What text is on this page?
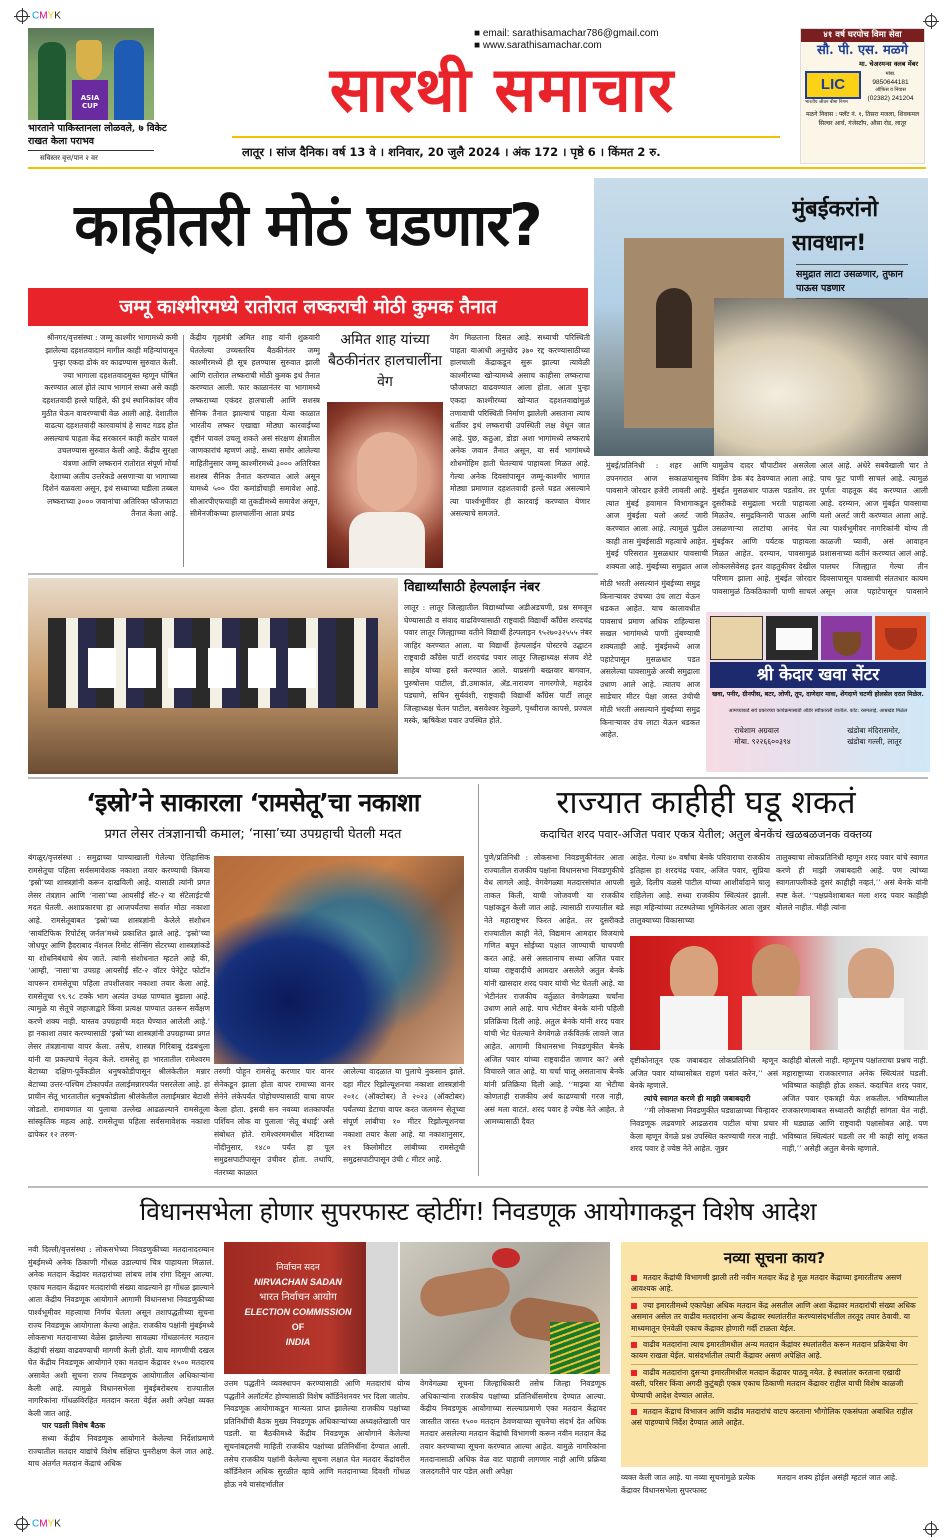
CMYK
ASIA CUP
भारताने पाकिस्तानला लोळवले, ७ विकेट राखत केला पराभव
सविस्तर वृत्त/पान २ वर
■ email: sarathisamachar786@gmail.com
■ www.sarathisamachar.com
सारथी समाचार
लातूर । सांज दैनिक। वर्ष 13 वे । शनिवार, 20 जुलै 2024 । अंक 172 । पृष्ठे 6 । किंमत 2 रु.
४१ वर्ष घरपोच विमा सेवा
सौ. पी. एस. मळगे
मा. चेअरमन्स क्लब मेंबर
LIC
भारतीय जीवन बीमा निगम
मोबा.
9850644181
ऑफिस व निवास
(02382) 241204
मळगे निवास : फ्लॅट नं. १, तिसरा मजला, शिवकमल सिल्वर आर्च, गंजेस्टॉप, औसा रोड, लातूर
काहीतरी मोठं घडणार?
जम्मू काश्मीरमध्ये रातोरात लष्कराची मोठी कुमक तैनात
श्रीनगर/वृत्तसंस्था : जम्मू काश्मीर भागामध्ये कमी झालेल्या दहशतवादानं मागील काही महिन्यांपासून पुन्हा एकदा डोकं वर काढण्यास सुरुवात केली. ज्या भागाला दहशतवादमुक्त म्हणून घोषित करण्यात आलं होतं त्याच भागानं सध्या असे काही दहशतवादी हल्ले पाहिले, की इथं स्थानिकांवर जीव मुठीत घेऊन वावरण्याची वेळ आली आहे. देशातील वाढत्या दहशतवादी कारवायांचं हे सावट गडद होत असल्याचं पाहता केंद्र सरकारनं काही कठोर पावलं उचलण्यास सुरुवात केली आहे. केंद्रीय सुरक्षा यंत्रणा आणि लष्करानं रातोरात संपूर्ण मोर्चा देशाच्या अतीय उत्तरेकडे असणाऱ्या या भागाच्या दिशेनं वळवला असून, इथं सध्याच्या घडीला तब्बल लष्कराच्या ३००० जवानांचा अतिरिक्त फौजफाटा तैनात केला आहे.
केंद्रीय गृहमंत्री अमित शाह यांनी शुक्रवारी घेतलेल्या उच्चस्तरिय बैठकीनंतर जम्मू काश्मीरमध्ये ही सूत्र हलण्यास सुरुवात झाली आणि रातोरात लष्कराची मोठी कुमक इथं तैनात करण्यात आली. फार काळानंतर या भागामध्ये लष्कराच्या एकंदर हालचाली आणि सशस्त्र सैनिक तैनात झाल्याचं पाहता येत्या काळात भारतीय लष्कर एखाद्या मोठ्या कारवाईच्या दृष्टीनं पावलं उचलू शकते असं संरक्षण क्षेत्रातील जाणकारांचं म्हणणं आहे. सध्या समोर आलेल्या माहितीनुसार जम्मू काश्मीरमध्ये ३००० अतिरिक्त सशस्त्र सैनिक तैनात करण्यात आले असून यामध्ये ५०० पॅरा कमांडोंचाही समावेश आहे. सीआरपीएफचाही या तुकडीमध्ये समावेश असून, सीमेनजीकच्या हालचालींना आता प्रचंड
अमित शाह यांच्या बैठकीनंतर हालचालींना वेग
वेग मिळताना दिसत आहे. सध्याची परिस्थिती पाहता याआधी अनुच्छेद ३७० रद्द करण्यासाठीच्या हालचाली केंद्राकडून सुरू झाल्या त्यावेळी काश्मीरच्या खोऱ्यामध्ये असाच काहीसा लष्कराचा फौजफाटा वाढवण्यात आला होता. आता पुन्हा एकदा काश्मीरच्या खोऱ्यात दहशतवाद्यांमुळं तणावाची परिस्थिती निर्माण झालेली असताना त्याच धर्तीवर इथं लष्कराची उपस्थिती लक्ष वेधून जात आहे. पुंछ, कठुआ, डोडा अशा भागांमध्ये लष्कराचे अनेक जवान तैनात असून, या सर्व भागांमध्ये शोधमोहिम हाती घेतल्याचं पाहायला मिळत आहे. गेल्या अनेक दिवसांपासून जम्मू-काश्मीर भागात मोठ्या प्रमाणात दहशतवादी हल्ले घडत असल्याने त्या पार्श्वभूमीवर ही कारवाई करण्यात येणार असल्याचे समजते.
मुंबईकरांनो सावधान!
समुद्रात लाटा उसळणार, तुफान पाऊस पडणार
मुंबई/प्रतिनिधी : शहर आणि उपनगरात आज सकाळपासूनच पावसाने जोरदार हजेरी लावली आहे. त्यात मुंबई हवामान विभागाकडून आज मुंबईला यलो अलर्ट जारी करण्यात आला आहे. त्यामुळं पुढील काही तास मुंबईसाठी महत्वाचे आहेत. मुंबई परिसरात मुसळधार पावसाची शक्यता आहे. मुंबईच्या समुद्रात आज
यामुळेच दादर चौपाटीवर असलेला विविंग डेक बंद ठेवण्यात आला आहे. मुंबईत मुसळधार पाऊस पडतोय. तर दुसरीकडे समुद्राला भरती पाहायला मिळतेय. समुद्रकिनारी पाऊस आणि उसळणाऱ्या लाटांचा आनंद घेत मुंबईकर आणि पर्यटक पाहायला मिळत आहेत. दरम्यान, पावसामुळं लोकलसेवेसह इतर वाहतुकीवर देखील परिणाम झाला आहे. मुंबईत जोरदार पावसामुळं ठिकठिकाणी पाणी साचलं
आलं आहे. अंधेरे सबवेखाली चार ते पाच फूट पाणी साचलं आहे. त्यामुळं पूर्णतः वाहतूक बंद करण्यात आली आहे. दरम्यान, आज मुंबईत पावसाचा यलो अलर्ट जारी करण्यात आला आहे. त्या पार्श्वभूमीवर नागरिकांनी योग्य ती काळजी घ्यावी, असं आवाहन प्रशासनाच्या वतीनं करण्यात आलं आहे. पालघर जिल्ह्यात गेल्या तीन दिवसापासून पावसाची संततधार कायम असून आज पहाटेपासून पावसाने
मोठी भरती असल्यानं मुंबईच्या समुद्र किनाऱ्यावर उंचच्या उंच लाटा येऊन धडकत आहेत. याच कालावधीत पावसाचं प्रमाण अधिक राहिल्यास सखल भागांमध्ये पाणी तुंबण्याची शक्यताही आहे. मुंबईमध्ये आज पहाटेपासून मुसळधार पडत असलेल्या पावसामुळे अरबी समुद्राला उधाण आले आहे. त्यातच आज साडेचार मीटर पेक्षा जास्त उंचीची मोठी भरती असल्याने मुंबईच्या समुद्र किनाऱ्यावर उंच लाटा येऊन धडकत आहेत.
विद्यार्थ्यांसाठी हेल्पलाईन नंबर
लातूर : लातूर जिल्ह्यातील विद्यार्थ्यांच्या अडीअडचणी, प्रश्न समजून घेण्यासाठी व संवाद वाढविण्यासाठी राष्ट्रवादी विद्यार्थी कॉंग्रेस शरदचंद्र पवार लातूर जिल्ह्याच्या वतीने विद्यार्थी हेल्पलाइन ९५२७०३२५५५ नंबर जाहिर करण्यात आला. या विद्यार्थी हेल्पलाईन पोस्टरचे उद्घाटन राष्ट्रवादी कॉंग्रेस पार्टी शरदचंद्र पवार लातूर जिल्हाध्यक्ष संजय शेटे साहेब यांच्या हस्ते करण्यात आले. याप्रसंगी बख्तवार बागवान, पुरुषोत्तम पाटील, डी.उमाकांत, ॲड.नारायण नागरगोजे, महादेव पडघाणे, सचिन सुर्यवंशी, राष्ट्रवादी विद्यार्थी कॉंग्रेस पार्टी लातूर जिल्हाध्यक्ष चेतन पाटील, बसवेश्वर रेकुळगे, पृथ्वीराज कापसे, प्रज्वल मस्के, ऋषिकेश पवार उपस्थित होते.
श्री केदार खवा सेंटर
खवा, पनीर, ग्रीनपीस, बटर, लोणी, तूप, दाणेदार मावा, शेंगदाणे चटणी होलसेल दरात मिळेल.
आमच्याकडे सर्व प्रकारच्या कार्यक्रमासाठी ऑर्डर स्वीकारली जातील. कोट: रसमलाई, आम्रखंड मिळेल
राधेशाम अग्रवाल
मोबा. ९२२६६००३९४
खंडोबा मंदिरासमोर,
खंडोबा गल्ली, लातूर
‘इस्रो’ने साकारला ‘रामसेतू’चा नकाशा
प्रगत लेसर तंत्रज्ञानाची कमाल; ‘नासा’च्या उपग्रहाची घेतली मदत
बंगळूर/वृत्तसंस्था : समुद्राच्या पाण्याखाली गेलेल्या ऐतिहासिक रामसेतूचा पहिला सर्वसमावेशक नकाशा तयार करण्याची किमया ‘इस्रो’च्या शास्त्रज्ञांनी करून दाखविली आहे. यासाठी त्यांनी प्रगत लेसर तंत्रज्ञान आणि ‘नासा’च्या आयसीईं सॅट-२ या सॅटेलाईटची मदत घेतली. अशाप्रकारचा हा आजपर्यंतचा सर्वात मोठा नकाशा आहे. रामसेतूबाबत ‘इस्रो’च्या शास्त्रज्ञांनी केलेले संशोधन ‘सायंटिफिक रिपोर्टस् जर्नल’मध्ये प्रकाशित झाले आहे. ‘इस्रो’च्या जोधपूर आणि हैदराबाद नॅशनल रिमोट सेन्सिंग सेंटरच्या शास्त्रज्ञांकडे या शोधनिबंधाचे श्रेय जाते. त्यांनी संशोधनात म्हटले आहे की, ‘आम्ही, ‘नासा’चा उपग्रह आयसीईं सॅट-२ वॉटर पेनेट्रेट फोटॉन वापरून रामसेतूचा पहिला तपशीलवार नकाशा तयार केला आहे. रामसेतूचा ९९.९८ टक्के भाग अत्यंत उथळ पाण्यात बुडाला आहे. त्यामुळे या सेतूचे जहाजाद्वारे किंवा प्रत्यक्ष पाण्यात उतरून सर्वेक्षण करणे शक्य नाही. यास्तव उपग्रहाची मदत घेण्यात आलेली आहे.’ हा नकाशा तयार करण्यासाठी ‘इस्रो’च्या शास्त्रज्ञांनी उपग्रहाच्या प्रगत लेसर तंत्रज्ञानाचा वापर केला. तसेच, शास्त्रज्ञ गिरिबाबू दंडबथुला यांनी या प्रकल्पाचे नेतृत्व केले. रामसेतू हा भारतातील रामेश्वरम बेटाच्या दक्षिण-पूर्वेकडील धनुषकोडीपासून श्रीलंकेतील मन्नार बेटाच्या उत्तर-पश्चिम टोकापर्यंत तलाईमन्नारपर्यंत पसरलेला आहे. हा प्राचीन सेतू भारतातील धनुषकोडीला श्रीलंकेतील तलाईमन्नार बेटाशी जोडतो. रामायणात या पुलाचा उल्लेख आढळल्याने रामसेतूला सांस्कृतिक महत्व आहे. रामसेतूचा पहिला सर्वसमावेशक नकाशा ढापेकर १२ तरुण-
तरुणी पोहून रामसेतू करणार पार वानर सेनेकडून झाला होता वापर रामाच्या वानर सेनेने लंकेपर्यंत पोहोचण्यासाठी याचा वापर केला होता. इसवी सन नवव्या शतकापर्यंत पर्शियन लोक या पुलाला ‘सेतू बंधाई’ असे संबोधत होते. रामेश्वरममधील मंदिराच्या नोंदीनुसार, १४८० पर्यंत हा पूल समुद्रसपाटीपासून उंचीवर होता. तथापि, नंतरच्या काळात
आलेल्या वादळात या पुलाचे नुकसान झाले. दहा मीटर रिझोल्यूशनचा नकाशा शास्त्रज्ञांनी २०१८ (ऑक्टोबर) ते २०२३ (ऑक्टोबर) पर्यंतच्या डेटाचा वापर करत जलमग्न सेतूच्या संपूर्ण लांबीचा १० मीटर रिझोल्यूशनचा नकाशा तयार केला आहे. या नकाशानुसार, २९ किलोमीटर लांबीच्या रामसेतूची समुद्रसपाटीपासून उंची ८ मीटर आहे.
राज्यात काहीही घडू शकतं
कदाचित शरद पवार-अजित पवार एकत्र येतील; अतुल बेनकेंचं खळबळजनक वक्तव्य
पुणे/प्रतिनिधी : लोकसभा निवडणुकीनंतर आता राज्यातील राजकीय पक्षांना विधानसभा निवडणुकीचे वेध लागले आहे. वेगवेगळ्या मतदारसंघांत आपली ताकत किती, याची जोजवणी या राजकीय पक्षांकडून केली जात आहे. त्यासाठी राज्यातील बडे नेते महाराष्ट्रभर फिरत आहेत. तर दुसरीकडे राज्यातील काही नेते, विद्यमान आमदार विजयाचे गणित बघून सोईच्या पक्षात जाण्याची चाचपणी करत आहे. असे असतानाच सध्या अजित पवार यांच्या राष्ट्रवादीचे आमदार असलेले अतुल बेनके यांनी खासदार शरद पवार यांची भेट घेतली आहे. या भेटीनंतर राजकीय वर्तुळात वेगवेगळ्या चर्चांना उधाण आले आहे. याच भेटीवर बेनके यांनी पहिली प्रतिक्रिया दिली आहे. अतुल बेनके यांनी शरद पवार यांची भेट घेतल्याने वेगवेगळे तर्कवितर्क लावले जात आहेत. आगामी विधानसभा निवडणुकीत बेनके अजित पवार यांच्या राष्ट्रवादीत जाणार का? असे विचारले जात आहे. या चर्चा चालू असतानाच बेनके यांनी प्रतिक्रिया दिली आहे. ‘‘माझ्या या भेटीचा कोणताही राजकीय अर्थ काढण्याची गरज नाही, असं मला वाटतं. शरद पवार हे ज्येष्ठ नेते आहेत. ते आमच्यासाठी दैवत
आहेत. गेल्या ४० वर्षांचा बेनके परिवाराचा राजकीय इतिहास हा शरदचंद्र पवार, अजित पवार, सुप्रिया सुळे, दिलीप वळसे पाटील यांच्या आशीर्वादाने चालू राहिलेला आहे. सध्या राजकीय स्थित्यंतरं झाली. सहा महिन्यांच्या तटस्थतेच्या भूमिकेनंतर आता जुन्नर तालुक्याच्या विकासाच्या
तालुक्याचा लोकप्रतिनिधी म्हणून शरद पवार यांचे स्वागत करणे ही माझी जबाबदारी आहे. पण त्यांच्या स्वागतापलीकडे दुसरं काहीही नव्हतं,’’ असं बेनके यांनी स्पष्ट केलं. ‘‘पक्षप्रवेशाबाबत मला शरद पवार काहीही बोलले नाहीत. मीही त्यांना
दृष्टीकोनातून एक जबाबदार लोकप्रतिनिधी म्हणून अजित पवार यांच्यासोबत राहणं पसंत करेन,’’ असं बेनके म्हणाले.
त्यांचे स्वागत करणे ही माझी जबाबदारी

‘‘मी लोकसभा निवडणुकीत घड्याळाच्या चिन्हावर निवडणूक लढवणारे आढळराव पाटील यांचा प्रचार केला म्हणून वेगळे प्रश्न उपस्थित करण्याची गरज नाही. शरद पवार हे ज्येष्ठ नेते आहेत. जुन्नर

काहीही बोललो नाही. म्हणूनच पक्षांतराचा प्रश्नच नाही. महाराष्ट्राच्या राजकारणात अनेक स्थित्यंतरं घडली. भविष्यात काहीही होऊ शकतं. कदाचित शरद पवार, अजित पवार एकत्रही येऊ शकतील. भविष्यातील राजकारणाबाबत सध्यातरी काहीही सांगता येत नाही. मी घड्याळ आणि राष्ट्रवादी पक्षासोबत आहे. पण भविष्यात स्थित्यंतरं घडली तर मी काही सांगू शकत नाही,’’ असेही अतुल बेनके म्हणाले.
विधानसभेला होणार सुपरफास्ट व्होटींग! निवडणूक आयोगाकडून विशेष आदेश
नवी दिल्ली/वृत्तसंस्था : लोकसभेच्या निवडणुकीच्या मतदानादरम्यान मुंबईमध्ये अनेक ठिकाणी गोंधळ उडाल्याचं चित्र पाहायला मिळालं. अनेक मतदान केंद्रांवर मतदारांच्या लांबच लांब रांगा दिसून आल्या. एकाच मतदान केंद्रावर मतदारांची संख्या वाढल्याने हा गोंधळ झाल्याने आता केंद्रीय निवडणूक आयोगाने आगामी विधानसभा निवडणुकीच्या पार्श्वभूमीवर महत्त्वाचा निर्णय घेतला असून तशापद्धतीच्या सूचना राज्य निवडणूक आयोगाला केल्या आहेत. राजकीय पक्षांनी मुंबईमध्ये लोकसभा मतदानाच्या वेळेस झालेल्या सावळ्या गोंधळानंतर मतदान केंद्रांची संख्या वाढवण्याची मागणी केली होती. याच मागणीची दखल घेत केंद्रीय निवडणूक आयोगाने एका मतदान केंद्रावर १५०० मतदारच असावेत अशी सूचना राज्य निवडणूक आयोगातील अधिकाऱ्यांना केली आहे. त्यामुळे विधानसभेला मुंबईबरोबरच राज्यातील नागरिकांना गोंधळविरहित मतदान करता येईल अशी अपेक्षा व्यक्त केली जात आहे.
पार पडली विशेष बैठक

सध्या केंद्रीय निवडणूक आयोगाने केलेल्या निर्देशांप्रमाणे राज्यातील मतदार याद्यांचे विशेष संक्षिप्त पुनरीक्षण केलं जात आहे. याच अंतर्गत मतदान केंद्राचं अधिक

निर्वाचन सदन
NIRVACHAN SADAN
भारत निर्वाचन आयोग
ELECTION COMMISSION
OF
INDIA
उत्तम पद्धतीने व्यवस्थापन करण्यासाठी आणि मतदारांचं योग्य पद्धतीने अलॉटमेंट होण्यासाठी विशेष कॉर्डिनेशनवर भर दिला जातोय. निवडणूक आयोगाकडून मान्यता प्राप्त झालेल्या राजकीय पक्षांच्या प्रतिनिधींची बैठक मुख्य निवडणूक अधिकाऱ्यांच्या अध्यक्षतेखाली पार पडली. या बैठकीमध्ये केंद्रीय निवडणूक आयोगाने केलेल्या सूचनांबद्दलची माहिती राजकीय पक्षांच्या प्रतिनिधींना देण्यात आली. तसेच राजकीय पक्षांनी केलेल्या सूचना लक्षात घेत मतदार केंद्रांवरील कॉर्डिनेशन अधिक सुरळीत व्हावे आणि मतदानाच्या दिवशी गोंधळ होऊ नये यासंदर्भातील
वेगवेगळ्या सूचना जिल्हाधिकारी तसेच जिल्हा निवडणूक अधिकाऱ्यांना राजकीय पक्षांच्या प्रतिनिधींसमोरच देण्यात आल्या. केंद्रीय निवडणूक आयोगाच्या सल्ल्याप्रमाणे एका मतदान केंद्रावर जास्तीत जास्त १५०० मतदान ठेवणयाच्या सूचनेचा संदर्भ देत अधिक मतदार असलेल्या मतदान केंद्रांची विभागणी करून नवीन मतदान केंद्र तयार करण्याच्या सूचना करण्यात आल्या आहेत. यामुळे नागरिकांना मतदानासाठी अधिक वेळ वाट पाहावी लागणार नाही आणि प्रक्रिया जलदगतीने पार पडेल अशी अपेक्षा
नव्या सूचना काय?
मतदार केंद्रांची विभागणी झाली तरी नवीन मतदार केंद्र हे मूळ मतदार केंद्राच्या इमारतीतच असणं आवश्यक आहे.
ज्या इमारतीमध्ये एकापेक्षा अधिक मतदान केंद्र असतील आणि अशा केंद्रावर मतदारांची संख्या अधिक असमान असेल तर वाढीव मतदारांना अन्य केंद्रावर स्थलांतरीत करण्यासंदर्भातील तरतूद तयार ठेवावी. या माध्यमातून ऐनवेळी एकाच केंद्रावर होणारी गर्दी टाळता येईल.
वाढीव मतदारांना त्याच इमारतीमधील अन्य मतदान केंद्रांवर स्थलांतरीत करून मतदान प्रक्रियेचा वेग कायम राखता येईल. यासंदर्भातील तयारी केंद्रावर असणं अपेक्षित आहे.
वाढीव मतदारांना दुसऱ्या इमारतीमधील मतदान केंद्रावर पाठवू नयेत. हे स्थलांतर करताना एखादी वस्ती, परिसर किंवा अगदी कुटुंबही एकत्र एकाच ठिकाणी मतदान केंद्रावर राहील याची विशेष काळजी घेण्याची आदेश देण्यात आलेत.
मतदान केंद्राचं विभाजन आणि वाढीव मतदारांचं वाटप करताना भौगोलिक एकसंघता अबाधित राहील असं पाहण्याचे निर्देश देण्यात आले आहेत.
व्यक्त केली जात आहे. या नव्या सूचनांमुळे प्रत्येक केंद्रावर विधानसभेला सुपरफास्ट
मतदान शक्य होईल असंही म्हटलं जात आहे.
CMYK
